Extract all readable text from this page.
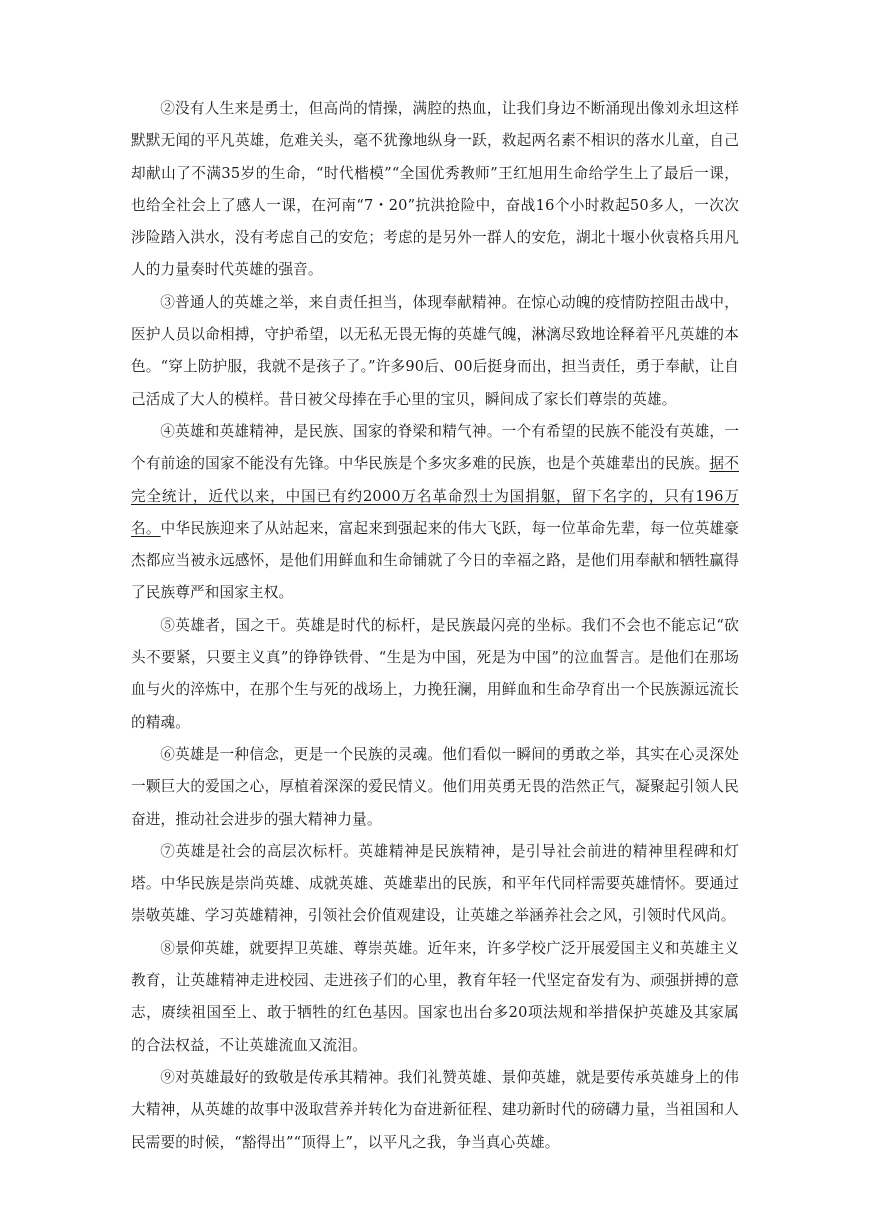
②没有人生来是勇士，但高尚的情操，满腔的热血，让我们身边不断涌现出像刘永坦这样默默无闻的平凡英雄，危难关头，毫不犹豫地纵身一跃，救起两名素不相识的落水儿童，自己却献山了不满35岁的生命，“时代楷模”“全国优秀教师”王红旭用生命给学生上了最后一课，也给全社会上了感人一课，在河南“7・20”抗洪抢险中，奋战16个小时救起50多人，一次次涉险踏入洪水，没有考虑自己的安危；考虑的是另外一群人的安危，湖北十堰小伙袁格兵用凡人的力量奏时代英雄的强音。

③普通人的英雄之举，来自责任担当，体现奉献精神。在惊心动魄的疫情防控阻击战中，医护人员以命相搏，守护希望，以无私无畏无悔的英雄气魄，淋漓尽致地诠释着平凡英雄的本色。“穿上防护服，我就不是孩子了。”许多90后、00后挺身而出，担当责任，勇于奉献，让自己活成了大人的模样。昔日被父母捧在手心里的宝贝，瞬间成了家长们尊崇的英雄。

④英雄和英雄精神，是民族、国家的脊梁和精气神。一个有希望的民族不能没有英雄，一个有前途的国家不能没有先锋。中华民族是个多灾多难的民族，也是个英雄辈出的民族。据不完全统计，近代以来，中国已有约2000万名革命烈士为国捐躯，留下名字的，只有196万名。中华民族迎来了从站起来，富起来到强起来的伟大飞跃，每一位革命先辈，每一位英雄豪杰都应当被永远感怀，是他们用鲜血和生命铺就了今日的幸福之路，是他们用奉献和牺牲赢得了民族尊严和国家主权。

⑤英雄者，国之干。英雄是时代的标杆，是民族最闪亮的坐标。我们不会也不能忘记“砍头不要紧，只要主义真”的铮铮铁骨、“生是为中国，死是为中国”的泣血誓言。是他们在那场血与火的淬炼中，在那个生与死的战场上，力挽狂澜，用鲜血和生命孕育出一个民族源远流长的精魂。

⑥英雄是一种信念，更是一个民族的灵魂。他们看似一瞬间的勇敢之举，其实在心灵深处一颗巨大的爱国之心，厚植着深深的爱民情义。他们用英勇无畏的浩然正气，凝聚起引领人民奋进，推动社会进步的强大精神力量。

⑦英雄是社会的高层次标杆。英雄精神是民族精神，是引导社会前进的精神里程碑和灯塔。中华民族是崇尚英雄、成就英雄、英雄辈出的民族，和平年代同样需要英雄情怀。要通过崇敬英雄、学习英雄精神，引领社会价值观建设，让英雄之举涵养社会之风，引领时代风尚。

⑧景仰英雄，就要捍卫英雄、尊崇英雄。近年来，许多学校广泛开展爱国主义和英雄主义教育，让英雄精神走进校园、走进孩子们的心里，教育年轻一代坚定奋发有为、顽强拼搏的意志，赓续祖国至上、敢于牺牲的红色基因。国家也出台多20项法规和举措保护英雄及其家属的合法权益，不让英雄流血又流泪。

⑨对英雄最好的致敬是传承其精神。我们礼赞英雄、景仰英雄，就是要传承英雄身上的伟大精神，从英雄的故事中汲取营养并转化为奋进新征程、建功新时代的磅礴力量，当祖国和人民需要的时候，“豁得出”“顶得上”，以平凡之我，争当真心英雄。
